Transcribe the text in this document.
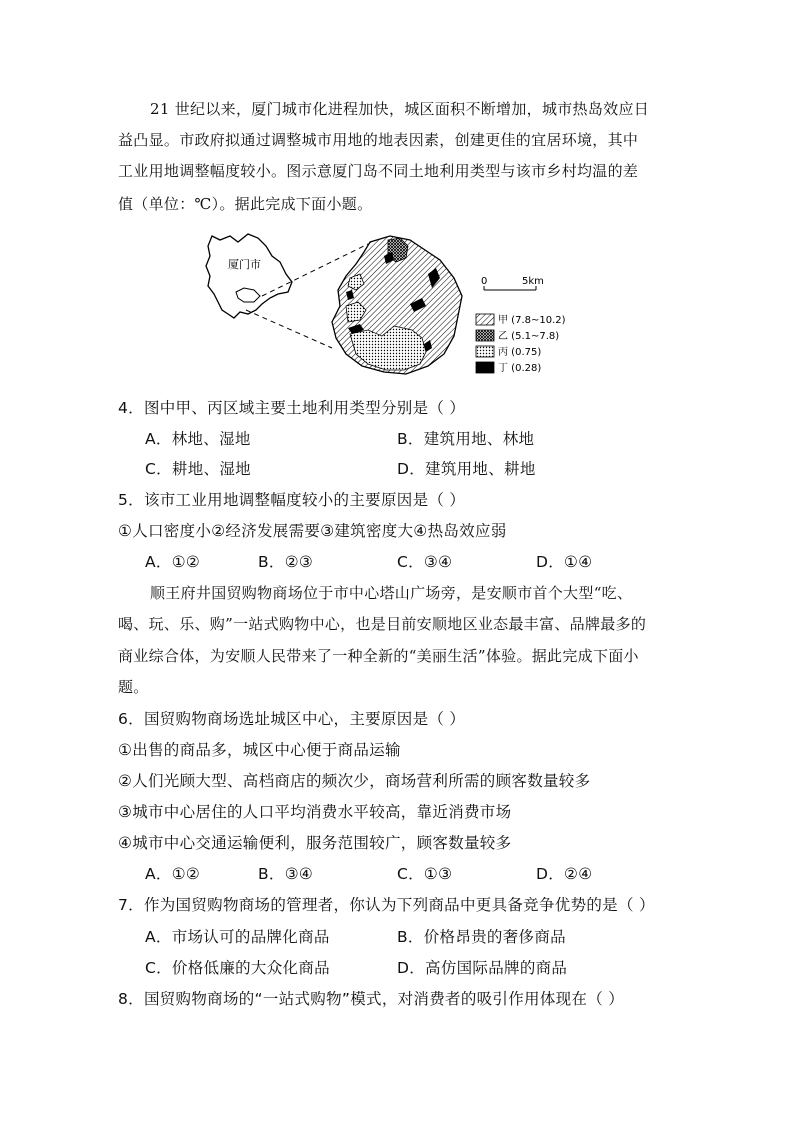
21 世纪以来，厦门城市化进程加快，城区面积不断增加，城市热岛效应日
益凸显。市政府拟通过调整城市用地的地表因素，创建更佳的宜居环境，其中
工业用地调整幅度较小。图示意厦门岛不同土地利用类型与该市乡村均温的差
值（单位：℃）。据此完成下面小题。
厦门市
0	5km
甲 (7.8~10.2)
乙 (5.1~7.8)
丙 (0.75)
丁 (0.28)
4．图中甲、丙区域主要土地利用类型分别是（ ）
A．林地、湿地	B．建筑用地、林地
C．耕地、湿地	D．建筑用地、耕地
5．该市工业用地调整幅度较小的主要原因是（ ）
①人口密度小②经济发展需要③建筑密度大④热岛效应弱
A．①②	B．②③	C．③④	D．①④
顺王府井国贸购物商场位于市中心塔山广场旁，是安顺市首个大型“吃、
喝、玩、乐、购”一站式购物中心，也是目前安顺地区业态最丰富、品牌最多的
商业综合体，为安顺人民带来了一种全新的“美丽生活”体验。据此完成下面小
题。
6．国贸购物商场选址城区中心，主要原因是（ ）
①出售的商品多，城区中心便于商品运输
②人们光顾大型、高档商店的频次少，商场营利所需的顾客数量较多
③城市中心居住的人口平均消费水平较高，靠近消费市场
④城市中心交通运输便利，服务范围较广，顾客数量较多
A．①②	B．③④	C．①③	D．②④
7．作为国贸购物商场的管理者，你认为下列商品中更具备竞争优势的是（ ）
A．市场认可的品牌化商品	B．价格昂贵的奢侈商品
C．价格低廉的大众化商品	D．高仿国际品牌的商品
8．国贸购物商场的“一站式购物”模式，对消费者的吸引作用体现在（ ）
